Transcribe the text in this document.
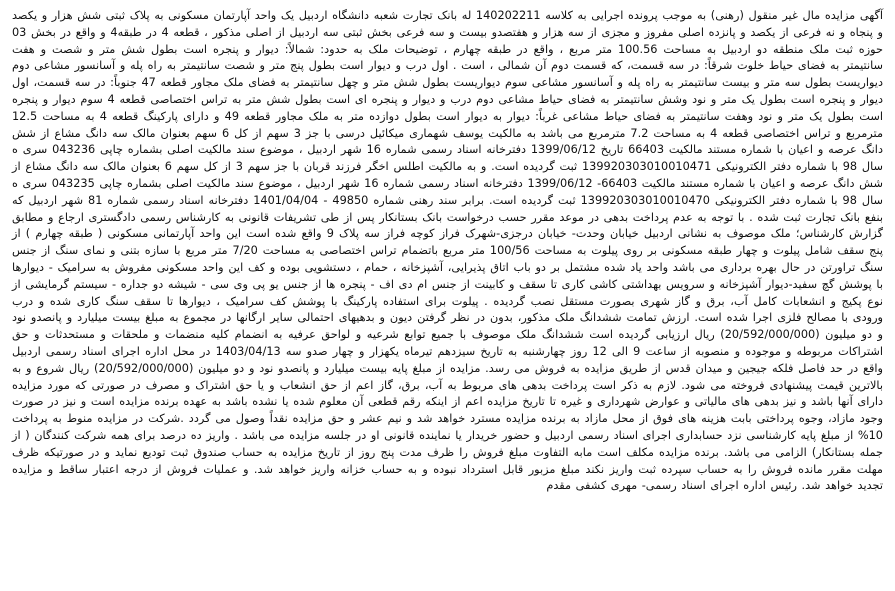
آگهی مزایده مال غیر منقول (رهنی) به موجب پرونده اجرایی به کلاسه 140202211 له بانک تجارت شعبه دانشگاه اردبیل یک واحد آپارتمان مسکونی به پلاک ثبتی شش هزار و یکصد و پنجاه و نه فرعی از یکصد و پانزده اصلی مفروز و مجزی از سه هزار و هفتصدو بیست و سه فرعی بخش ثبتی سه اردبیل از اصلی مذکور ، قطعه 4 در طبقه4 و واقع در بخش 03 حوزه ثبت ملک منطقه دو اردبیل به مساحت 100.56 متر مربع ، واقع در طبقه چهارم ، توضیحات ملک به حدود: شمالاً: دیوار و پنجره است بطول شش متر و شصت و هفت سانتیمتر به فضای حیاط خلوت شرقاً: در سه قسمت، که قسمت دوم آن شمالی ، است . اول درب و دیوار است بطول پنج متر و شصت سانتیمتر به راه پله و آسانسور مشاعی دوم دیواریست بطول سه متر و بیست سانتیمتر به راه پله و آسانسور مشاعی سوم دیواریست بطول شش متر و چهل سانتیمتر به فضای ملک مجاور قطعه 47 جنوباً: در سه قسمت، اول دیوار و پنجره است بطول یک متر و نود وشش سانتیمتر به فضای حیاط مشاعی دوم درب و دیوار و پنجره ای است بطول شش متر به تراس اختصاصی قطعه 4 سوم دیوار و پنجره است بطول یک متر و نود وهفت سانتیمتر به فضای حیاط مشاعی غرباً: دیوار به دیوار است بطول دوازده متر به ملک مجاور قطعه 49 و دارای پارکینگ قطعه 4 به مساحت 12.5 مترمربع و تراس اختصاصی قطعه 4 به مساحت 7.2 مترمربع می باشد به مالکیت یوسف شهماری میکائیل درسی با جز 3 سهم از کل 6 سهم بعنوان مالک سه دانگ مشاع از شش دانگ عرصه و اعیان با شماره مستند مالکیت 66403 تاریخ 1399/06/12 دفترخانه اسناد رسمی شماره 16 شهر اردبیل ، موضوع سند مالکیت اصلی بشماره چاپی 043236 سری ه سال 98 با شماره دفتر الکترونیکی 139920303010010471 ثبت گردیده است. و به مالکیت اطلس اخگر فرزند قربان با جز سهم 3 از کل سهم 6 بعنوان مالک سه دانگ مشاع از شش دانگ عرصه و اعیان با شماره مستند مالکیت 66403- 1399/06/12 دفترخانه اسناد رسمی شماره 16 شهر اردبیل ، موضوع سند مالکیت اصلی بشماره چاپی 043235 سری ه سال 98 با شماره دفتر الکترونیکی 139920303010010470 ثبت گردیده است. برابر سند رهنی شماره 49850 - 1401/04/04 دفترخانه اسناد رسمی شماره 81 شهر اردبیل که بنفع بانک تجارت ثبت شده . با توجه به عدم پرداخت بدهی در موعد مقرر حسب درخواست بانک بستانکار پس از طی تشریفات قانونی به کارشناس رسمی دادگستری ارجاع و مطابق گزارش کارشناس؛ ملک موصوف به نشانی اردبیل خیابان وحدت- خیابان درجزی-شهرک فراز کوچه فراز سه پلاک 9 واقع شده است این واحد آپارتمانی مسکونی ( طبقه چهارم ) از پنج سقف شامل پیلوت و چهار طبقه مسکونی بر روی پیلوت به مساحت 100/56 متر مربع باتضمام تراس اختصاصی به مساحت 7/20 متر مربع با سازه بتنی و نمای سنگ از جنس سنگ تراورتن در حال بهره برداری می باشد واحد یاد شده مشتمل بر دو باب اتاق پذیرایی، آشپزخانه ، حمام ، دستشویی بوده و کف این واحد مسکونی مفروش به سرامیک - دیوارها با پوشش گچ سفید-دیوار آشپزخانه و سرویس بهداشتی کاشی کاری تا سقف و کابینت از جنس ام دی اف - پنجره ها از جنس یو پی وی سی - شیشه دو جداره - سیستم گرمایشی از نوع پکیج و انشعابات کامل آب، برق و گاز شهری بصورت مستقل نصب گردیده . پیلوت برای استفاده پارکینگ با پوشش کف سرامیک ، دیوارها تا سقف سنگ کاری شده و درب ورودی با مصالح فلزی اجرا شده است. ارزش تمامت ششدانگ ملک مذکور، بدون در نظر گرفتن دیون و بدهیهای احتمالی سایر ارگانها در مجموع به مبلغ بیست میلیارد و پانصدو نود و دو میلیون (20/592/000/000) ریال ارزیابی گردیده است ششدانگ ملک موصوف با جمیع توابع شرعیه و لواحق عرفیه به انضمام کلیه منضمات و ملحقات و مستحدثات و حق اشتراکات مربوطه و موجوده و منصوبه از ساعت 9 الی 12 روز چهارشنبه به تاریخ سیزدهم تیرماه یکهزار و چهار صدو سه 1403/04/13 در محل اداره اجرای اسناد رسمی اردبیل واقع در حد فاصل فلکه جیجین و میدان قدس از طریق مزایده به فروش می رسد. مزایده از مبلغ پایه بیست میلیارد و پانصدو نود و دو میلیون (20/592/000/000) ریال شروع و به بالاترین قیمت پیشنهادی فروخته می شود. لازم به ذکر است پرداخت بدهی های مربوط به آب، برق، گاز اعم از حق انشعاب و یا حق اشتراک و مصرف در صورتی که مورد مزایده دارای آنها باشد و نیز بدهی های مالیاتی و عوارض شهرداری و غیره تا تاریخ مزایده اعم از اینکه رقم قطعی آن معلوم شده یا نشده باشد به عهده برنده مزایده است و نیز در صورت وجود مازاد، وجوه پرداختی بابت هزینه های فوق از محل مازاد به برنده مزایده مسترد خواهد شد و نیم عشر و حق مزایده نقداً وصول می گردد .شرکت در مزایده منوط به پرداخت 10% از مبلغ پایه کارشناسی نزد حسابداری اجرای اسناد رسمی اردبیل و حضور خریدار یا نماینده قانونی او در جلسه مزایده می باشد . واریز ده درصد برای همه شرکت کنندگان ( از جمله بستانکار) الزامی می باشد. برنده مزایده مکلف است مابه التفاوت مبلغ فروش را ظرف مدت پنج روز از تاریخ مزایده به حساب صندوق ثبت تودیع نماید و در صورتیکه ظرف مهلت مقرر مانده فروش را به حساب سپرده ثبت واریز نکند مبلغ مزبور قابل استرداد نبوده و به حساب خزانه واریز خواهد شد. و عملیات فروش از درجه اعتبار ساقط و مزایده تجدید خواهد شد. رئیس اداره اجرای اسناد رسمی- مهری کشفی مقدم
